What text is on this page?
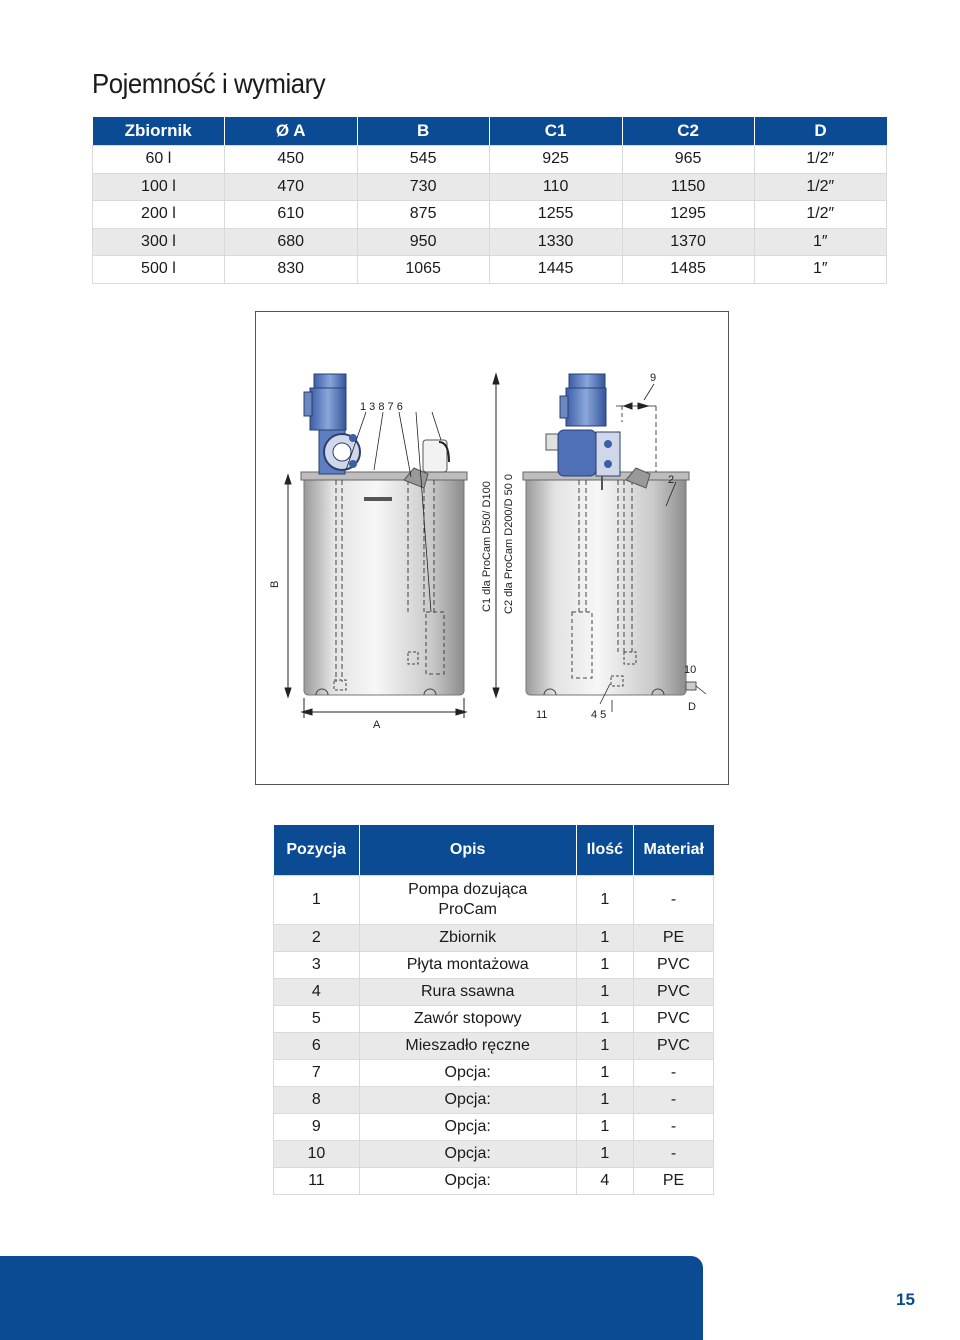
Pojemność i wymiary
Zbiornik	Ø A	B	C1	C2	D
60 l	450	545	925	965	1/2″
100 l	470	730	110	1150	1/2″
200 l	610	875	1255	1295	1/2″
300 l	680	950	1330	1370	1″
500 l	830	1065	1445	1485	1″
1 3 8 7 6
9
2
10
B
A
11	4 5
D
C1 dla ProCam D50/ D100 C2 dla ProCam D200/D 50 0
Pozycja	Opis	Ilość	Materiał
1	Pompa dozująca ProCam	1	-
2	Zbiornik	1	PE
3	Płyta montażowa	1	PVC
4	Rura ssawna	1	PVC
5	Zawór stopowy	1	PVC
6	Mieszadło ręczne	1	PVC
7	Opcja:	1	-
8	Opcja:	1	-
9	Opcja:	1	-
10	Opcja:	1	-
11	Opcja:	4	PE
15
